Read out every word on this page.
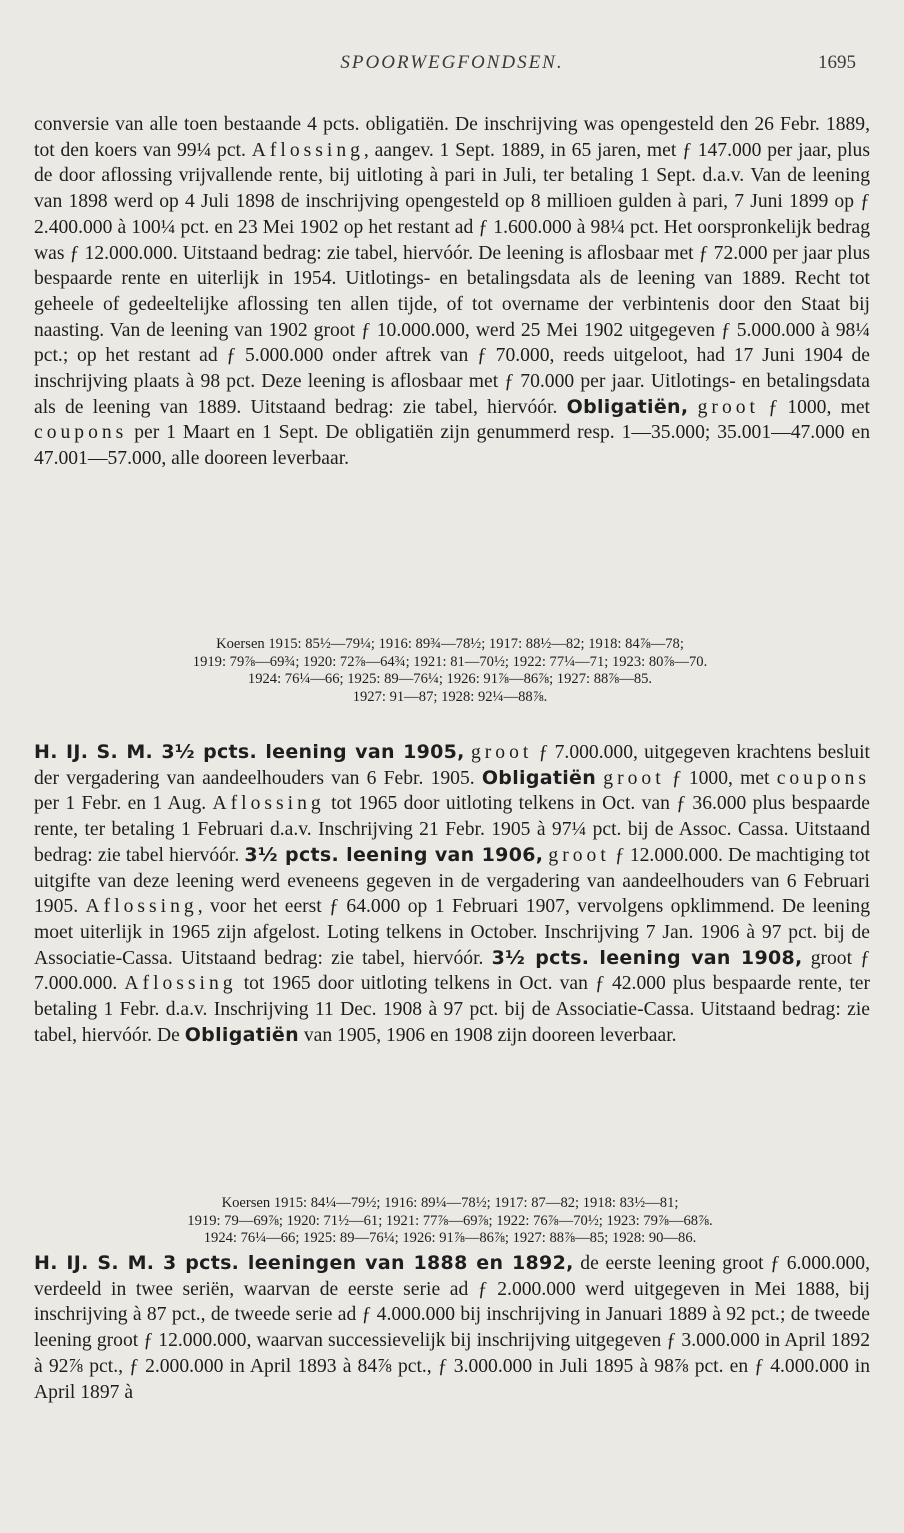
SPOORWEGFONDSEN.	1695

conversie van alle toen bestaande 4 pcts. obligatiën. De inschrijving was opengesteld den 26 Febr. 1889, tot den koers van 99¼ pct. Aflossing, aangev. 1 Sept. 1889, in 65 jaren, met ƒ 147.000 per jaar, plus de door aflossing vrijvallende rente, bij uitloting à pari in Juli, ter betaling 1 Sept. d.a.v. Van de leening van 1898 werd op 4 Juli 1898 de inschrijving opengesteld op 8 millioen gulden à pari, 7 Juni 1899 op ƒ 2.400.000 à 100¼ pct. en 23 Mei 1902 op het restant ad ƒ 1.600.000 à 98¼ pct. Het oorspronkelijk bedrag was ƒ 12.000.000. Uitstaand bedrag: zie tabel, hiervóór. De leening is aflosbaar met ƒ 72.000 per jaar plus bespaarde rente en uiterlijk in 1954. Uitlotings- en betalingsdata als de leening van 1889. Recht tot geheele of gedeeltelijke aflossing ten allen tijde, of tot overname der verbintenis door den Staat bij naasting. Van de leening van 1902 groot ƒ 10.000.000, werd 25 Mei 1902 uitgegeven ƒ 5.000.000 à 98¼ pct.; op het restant ad ƒ 5.000.000 onder aftrek van ƒ 70.000, reeds uitgeloot, had 17 Juni 1904 de inschrijving plaats à 98 pct. Deze leening is aflosbaar met ƒ 70.000 per jaar. Uitlotings- en betalingsdata als de leening van 1889. Uitstaand bedrag: zie tabel, hiervóór. Obligatiën, groot ƒ 1000, met coupons per 1 Maart en 1 Sept. De obligatiën zijn genummerd resp. 1—35.000; 35.001—47.000 en 47.001—57.000, alle dooreen leverbaar.

Koersen 1915: 85½—79¼; 1916: 89¾—78½; 1917: 88½—82; 1918: 84⅞—78;
1919: 79⅞—69¾; 1920: 72⅞—64¾; 1921: 81—70½; 1922: 77¼—71; 1923: 80⅞—70.
1924: 76¼—66; 1925: 89—76¼; 1926: 91⅞—86⅞; 1927: 88⅞—85.
1927: 91—87; 1928: 92¼—88⅞.

H. IJ. S. M. 3½ pcts. leening van 1905, groot ƒ 7.000.000, uitgegeven krachtens besluit der vergadering van aandeelhouders van 6 Febr. 1905. Obligatiën groot ƒ 1000, met coupons per 1 Febr. en 1 Aug. Aflossing tot 1965 door uitloting telkens in Oct. van ƒ 36.000 plus bespaarde rente, ter betaling 1 Februari d.a.v. Inschrijving 21 Febr. 1905 à 97¼ pct. bij de Assoc. Cassa. Uitstaand bedrag: zie tabel hiervóór. 3½ pcts. leening van 1906, groot ƒ 12.000.000. De machtiging tot uitgifte van deze leening werd eveneens gegeven in de vergadering van aandeelhouders van 6 Februari 1905. Aflossing, voor het eerst ƒ 64.000 op 1 Februari 1907, vervolgens opklimmend. De leening moet uiterlijk in 1965 zijn afgelost. Loting telkens in October. Inschrijving 7 Jan. 1906 à 97 pct. bij de Associatie-Cassa. Uitstaand bedrag: zie tabel, hiervóór. 3½ pcts. leening van 1908, groot ƒ 7.000.000. Aflossing tot 1965 door uitloting telkens in Oct. van ƒ 42.000 plus bespaarde rente, ter betaling 1 Febr. d.a.v. Inschrijving 11 Dec. 1908 à 97 pct. bij de Associatie-Cassa. Uitstaand bedrag: zie tabel, hiervóór. De Obligatiën van 1905, 1906 en 1908 zijn dooreen leverbaar.

Koersen 1915: 84¼—79½; 1916: 89¼—78½; 1917: 87—82; 1918: 83½—81;
1919: 79—69⅞; 1920: 71½—61; 1921: 77⅞—69⅞; 1922: 76⅞—70½; 1923: 79⅞—68⅞.
1924: 76¼—66; 1925: 89—76¼; 1926: 91⅞—86⅞; 1927: 88⅞—85; 1928: 90—86.

H. IJ. S. M. 3 pcts. leeningen van 1888 en 1892, de eerste leening groot ƒ 6.000.000, verdeeld in twee seriën, waarvan de eerste serie ad ƒ 2.000.000 werd uitgegeven in Mei 1888, bij inschrijving à 87 pct., de tweede serie ad ƒ 4.000.000 bij inschrijving in Januari 1889 à 92 pct.; de tweede leening groot ƒ 12.000.000, waarvan successievelijk bij inschrijving uitgegeven ƒ 3.000.000 in April 1892 à 92⅞ pct., ƒ 2.000.000 in April 1893 à 84⅞ pct., ƒ 3.000.000 in Juli 1895 à 98⅞ pct. en ƒ 4.000.000 in April 1897 à
